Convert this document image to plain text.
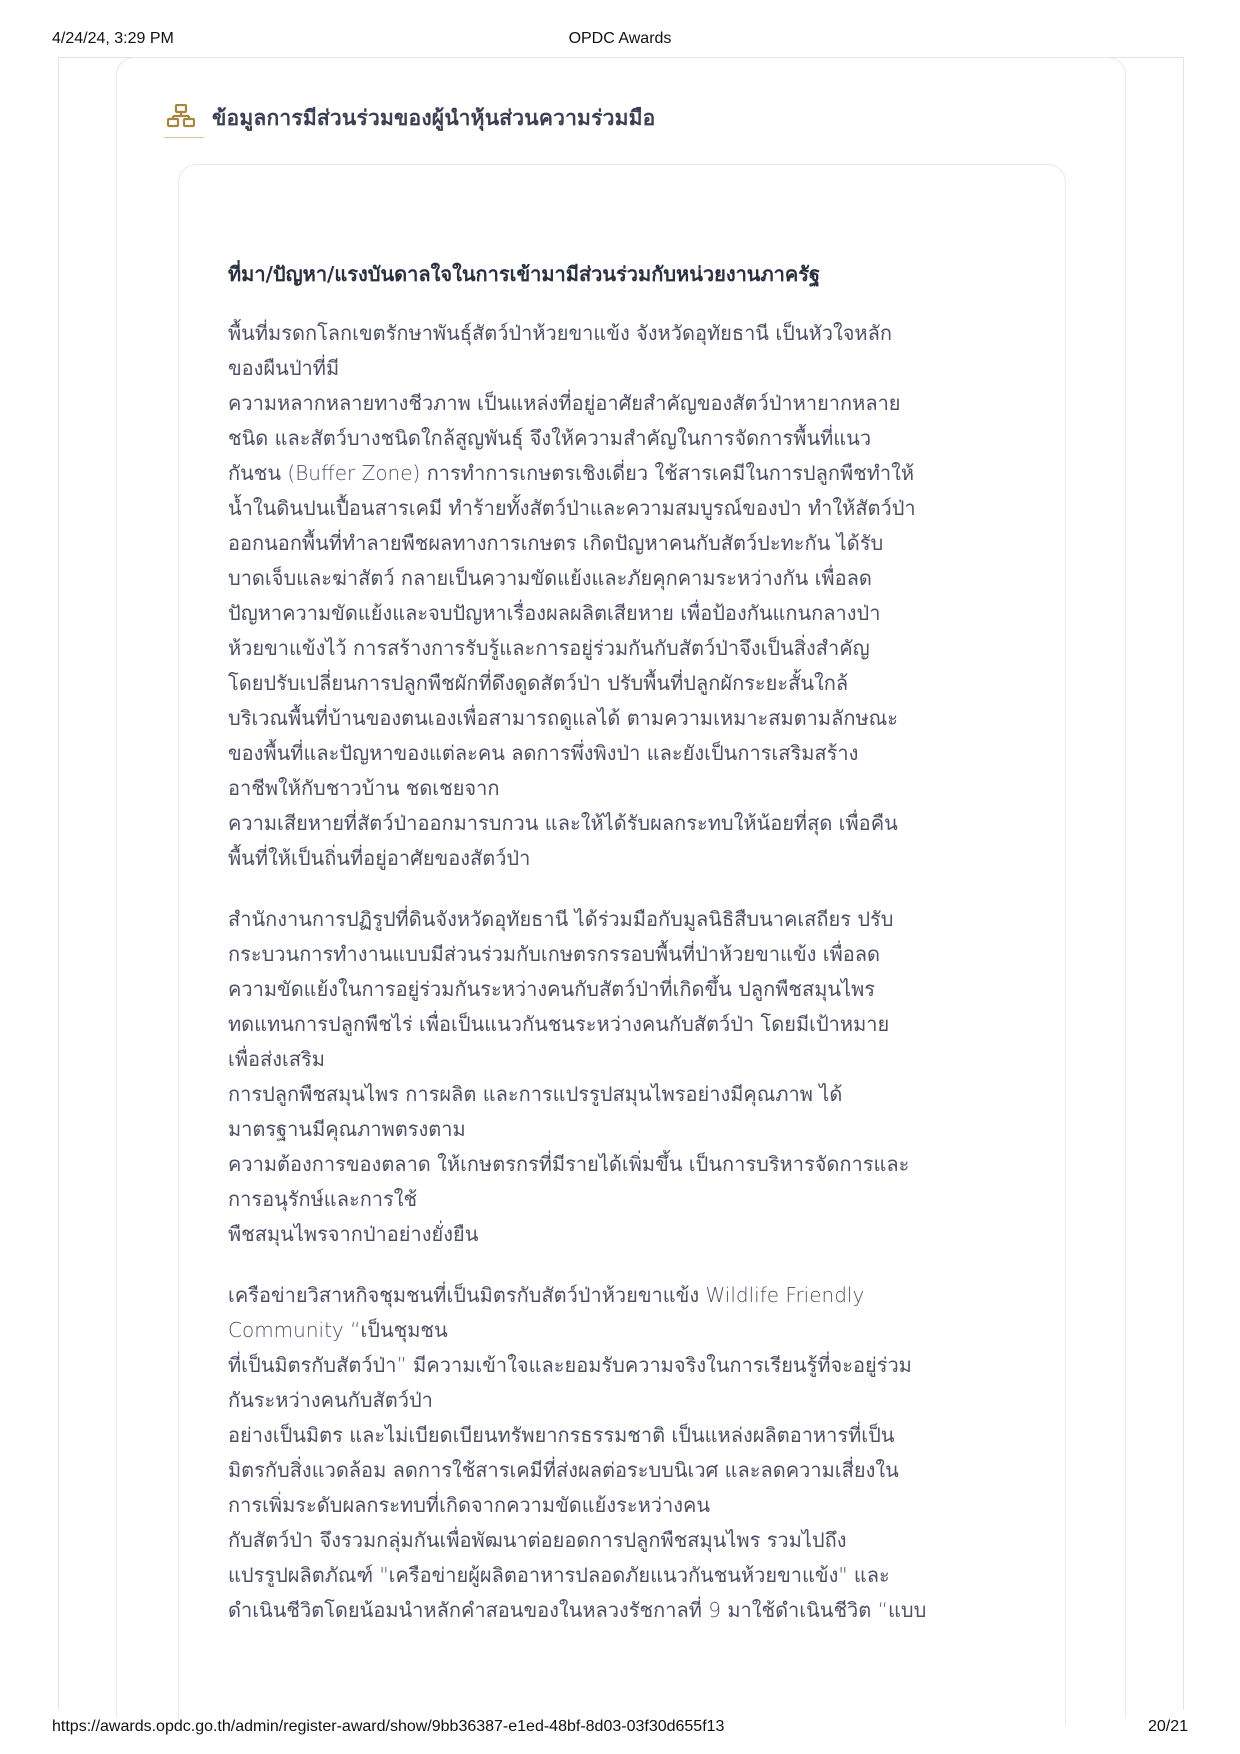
4/24/24, 3:29 PM	OPDC Awards
ข้อมูลการมีส่วนร่วมของผู้นำหุ้นส่วนความร่วมมือ
ที่มา/ปัญหา/แรงบันดาลใจในการเข้ามามีส่วนร่วมกับหน่วยงานภาครัฐ
พื้นที่มรดกโลกเขตรักษาพันธุ์สัตว์ป่าห้วยขาแข้ง จังหวัดอุทัยธานี เป็นหัวใจหลัก
ของผืนป่าที่มี
ความหลากหลายทางชีวภาพ เป็นแหล่งที่อยู่อาศัยสำคัญของสัตว์ป่าหายากหลาย
ชนิด และสัตว์บางชนิดใกล้สูญพันธุ์ จึงให้ความสำคัญในการจัดการพื้นที่แนว
กันชน (Buffer Zone) การทำการเกษตรเชิงเดี่ยว ใช้สารเคมีในการปลูกพืชทำให้
น้ำในดินปนเปื้อนสารเคมี ทำร้ายทั้งสัตว์ป่าและความสมบูรณ์ของป่า ทำให้สัตว์ป่า
ออกนอกพื้นที่ทำลายพืชผลทางการเกษตร เกิดปัญหาคนกับสัตว์ปะทะกัน ได้รับ
บาดเจ็บและฆ่าสัตว์ กลายเป็นความขัดแย้งและภัยคุกคามระหว่างกัน เพื่อลด
ปัญหาความขัดแย้งและจบปัญหาเรื่องผลผลิตเสียหาย เพื่อป้องกันแกนกลางป่า
ห้วยขาแข้งไว้ การสร้างการรับรู้และการอยู่ร่วมกันกับสัตว์ป่าจึงเป็นสิ่งสำคัญ
โดยปรับเปลี่ยนการปลูกพืชผักที่ดึงดูดสัตว์ป่า ปรับพื้นที่ปลูกผักระยะสั้นใกล้
บริเวณพื้นที่บ้านของตนเองเพื่อสามารถดูแลได้ ตามความเหมาะสมตามลักษณะ
ของพื้นที่และปัญหาของแต่ละคน ลดการพึ่งพิงป่า และยังเป็นการเสริมสร้าง
อาชีพให้กับชาวบ้าน ชดเชยจาก
ความเสียหายที่สัตว์ป่าออกมารบกวน และให้ได้รับผลกระทบให้น้อยที่สุด เพื่อคืน
พื้นที่ให้เป็นถิ่นที่อยู่อาศัยของสัตว์ป่า
สำนักงานการปฏิรูปที่ดินจังหวัดอุทัยธานี ได้ร่วมมือกับมูลนิธิสืบนาคเสถียร ปรับ
กระบวนการทำงานแบบมีส่วนร่วมกับเกษตรกรรอบพื้นที่ป่าห้วยขาแข้ง เพื่อลด
ความขัดแย้งในการอยู่ร่วมกันระหว่างคนกับสัตว์ป่าที่เกิดขึ้น ปลูกพืชสมุนไพร
ทดแทนการปลูกพืชไร่ เพื่อเป็นแนวกันชนระหว่างคนกับสัตว์ป่า โดยมีเป้าหมาย
เพื่อส่งเสริม
การปลูกพืชสมุนไพร การผลิต และการแปรรูปสมุนไพรอย่างมีคุณภาพ ได้
มาตรฐานมีคุณภาพตรงตาม
ความต้องการของตลาด ให้เกษตรกรที่มีรายได้เพิ่มขึ้น เป็นการบริหารจัดการและ
การอนุรักษ์และการใช้
พืชสมุนไพรจากป่าอย่างยั่งยืน
เครือข่ายวิสาหกิจชุมชนที่เป็นมิตรกับสัตว์ป่าห้วยขาแข้ง Wildlife Friendly
Community “เป็นชุมชน
ที่เป็นมิตรกับสัตว์ป่า” มีความเข้าใจและยอมรับความจริงในการเรียนรู้ที่จะอยู่ร่วม
กันระหว่างคนกับสัตว์ป่า
อย่างเป็นมิตร และไม่เบียดเบียนทรัพยากรธรรมชาติ เป็นแหล่งผลิตอาหารที่เป็น
มิตรกับสิ่งแวดล้อม ลดการใช้สารเคมีที่ส่งผลต่อระบบนิเวศ และลดความเสี่ยงใน
การเพิ่มระดับผลกระทบที่เกิดจากความขัดแย้งระหว่างคน
กับสัตว์ป่า จึงรวมกลุ่มกันเพื่อพัฒนาต่อยอดการปลูกพืชสมุนไพร รวมไปถึง
แปรรูปผลิตภัณฑ์ "เครือข่ายผู้ผลิตอาหารปลอดภัยแนวกันชนห้วยขาแข้ง" และ
ดำเนินชีวิตโดยน้อมนำหลักคำสอนของในหลวงรัชกาลที่ 9 มาใช้ดำเนินชีวิต “แบบ
https://awards.opdc.go.th/admin/register-award/show/9bb36387-e1ed-48bf-8d03-03f30d655f13	20/21
